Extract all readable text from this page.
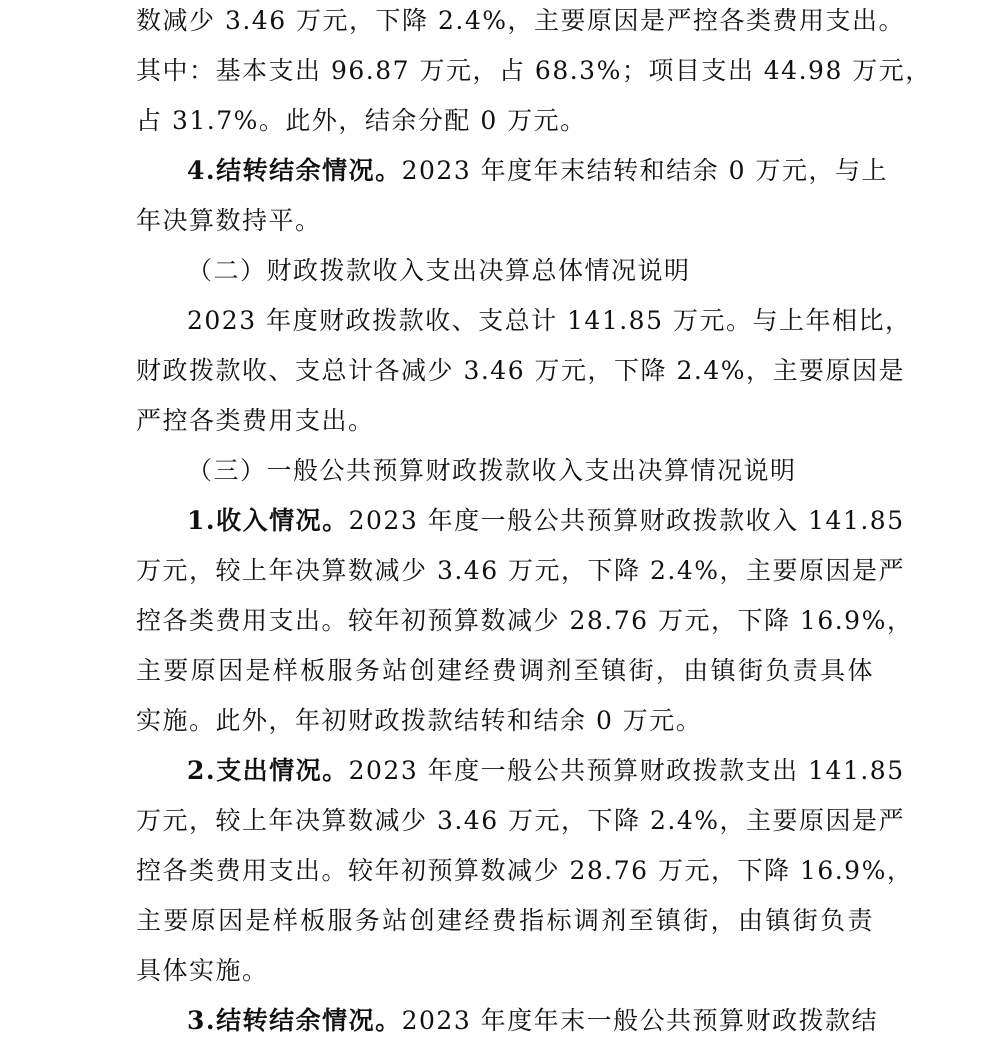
数减少 3.46 万元，下降 2.4%，主要原因是严控各类费用支出。
其中：基本支出 96.87 万元，占 68.3%；项目支出 44.98 万元，
占 31.7%。此外，结余分配 0 万元。
4.结转结余情况。2023 年度年末结转和结余 0 万元，与上
年决算数持平。
（二）财政拨款收入支出决算总体情况说明
2023 年度财政拨款收、支总计 141.85 万元。与上年相比，
财政拨款收、支总计各减少 3.46 万元，下降 2.4%，主要原因是
严控各类费用支出。
（三）一般公共预算财政拨款收入支出决算情况说明
1.收入情况。2023 年度一般公共预算财政拨款收入 141.85
万元，较上年决算数减少 3.46 万元，下降 2.4%，主要原因是严
控各类费用支出。较年初预算数减少 28.76 万元，下降 16.9%，
主要原因是样板服务站创建经费调剂至镇街，由镇街负责具体
实施。此外，年初财政拨款结转和结余 0 万元。
2.支出情况。2023 年度一般公共预算财政拨款支出 141.85
万元，较上年决算数减少 3.46 万元，下降 2.4%，主要原因是严
控各类费用支出。较年初预算数减少 28.76 万元，下降 16.9%，
主要原因是样板服务站创建经费指标调剂至镇街，由镇街负责
具体实施。
3.结转结余情况。2023 年度年末一般公共预算财政拨款结
